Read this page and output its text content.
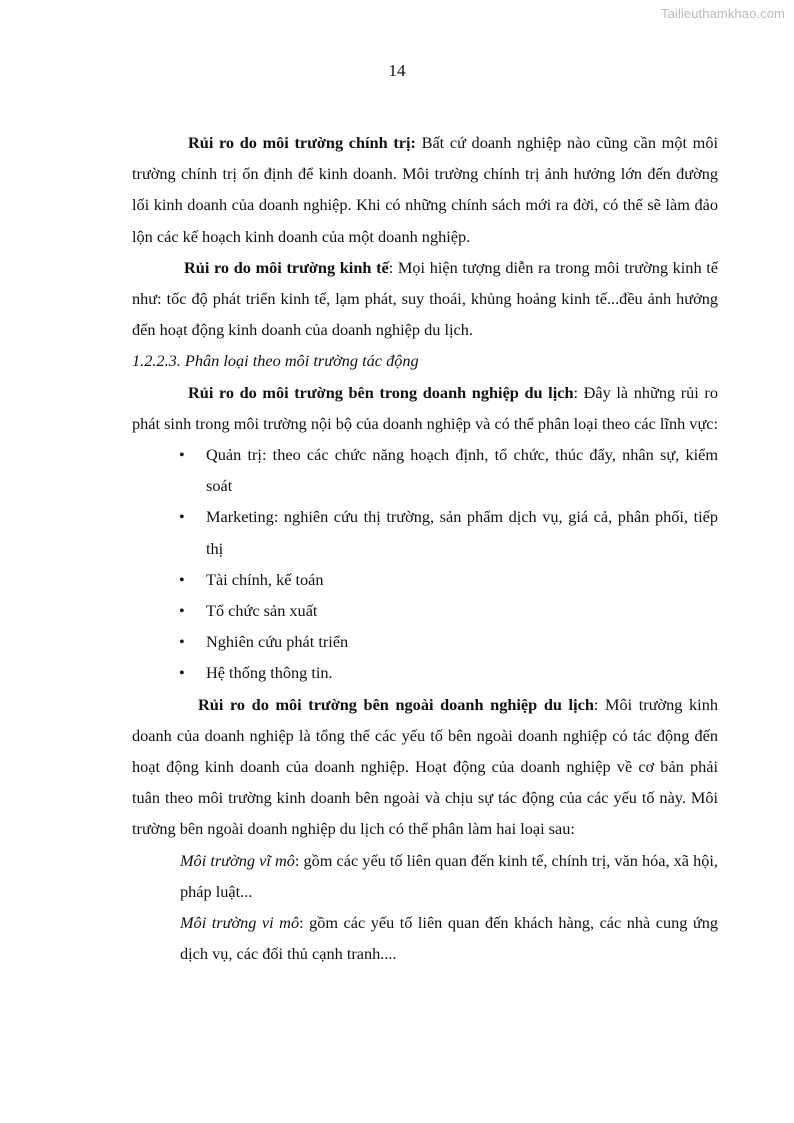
Tailieuthamkhao.com
14

Rủi ro do môi trường chính trị: Bất cứ doanh nghiệp nào cũng cần một môi trường chính trị ổn định để kinh doanh. Môi trường chính trị ảnh hưởng lớn đến đường lối kinh doanh của doanh nghiệp. Khi có những chính sách mới ra đời, có thể sẽ làm đảo lộn các kế hoạch kinh doanh của một doanh nghiệp.

Rủi ro do môi trường kinh tế: Mọi hiện tượng diễn ra trong môi trường kinh tế như: tốc độ phát triển kinh tế, lạm phát, suy thoái, khủng hoảng kinh tế...đều ảnh hưởng đến hoạt động kinh doanh của doanh nghiệp du lịch.

1.2.2.3. Phân loại theo môi trường tác động

Rủi ro do môi trường bên trong doanh nghiệp du lịch: Đây là những rủi ro phát sinh trong môi trường nội bộ của doanh nghiệp và có thể phân loại theo các lĩnh vực:

• Quản trị: theo các chức năng hoạch định, tổ chức, thúc đẩy, nhân sự, kiểm soát
• Marketing: nghiên cứu thị trường, sản phẩm dịch vụ, giá cả, phân phối, tiếp thị
• Tài chính, kế toán
• Tổ chức sản xuất
• Nghiên cứu phát triển
• Hệ thống thông tin.

Rủi ro do môi trường bên ngoài doanh nghiệp du lịch: Môi trường kinh doanh của doanh nghiệp là tổng thể các yếu tố bên ngoài doanh nghiệp có tác động đến hoạt động kinh doanh của doanh nghiệp. Hoạt động của doanh nghiệp về cơ bản phải tuân theo môi trường kinh doanh bên ngoài và chịu sự tác động của các yếu tố này. Môi trường bên ngoài doanh nghiệp du lịch có thể phân làm hai loại sau:

Môi trường vĩ mô: gồm các yếu tố liên quan đến kinh tế, chính trị, văn hóa, xã hội, pháp luật...

Môi trường vi mô: gồm các yếu tố liên quan đến khách hàng, các nhà cung ứng dịch vụ, các đối thủ cạnh tranh....
